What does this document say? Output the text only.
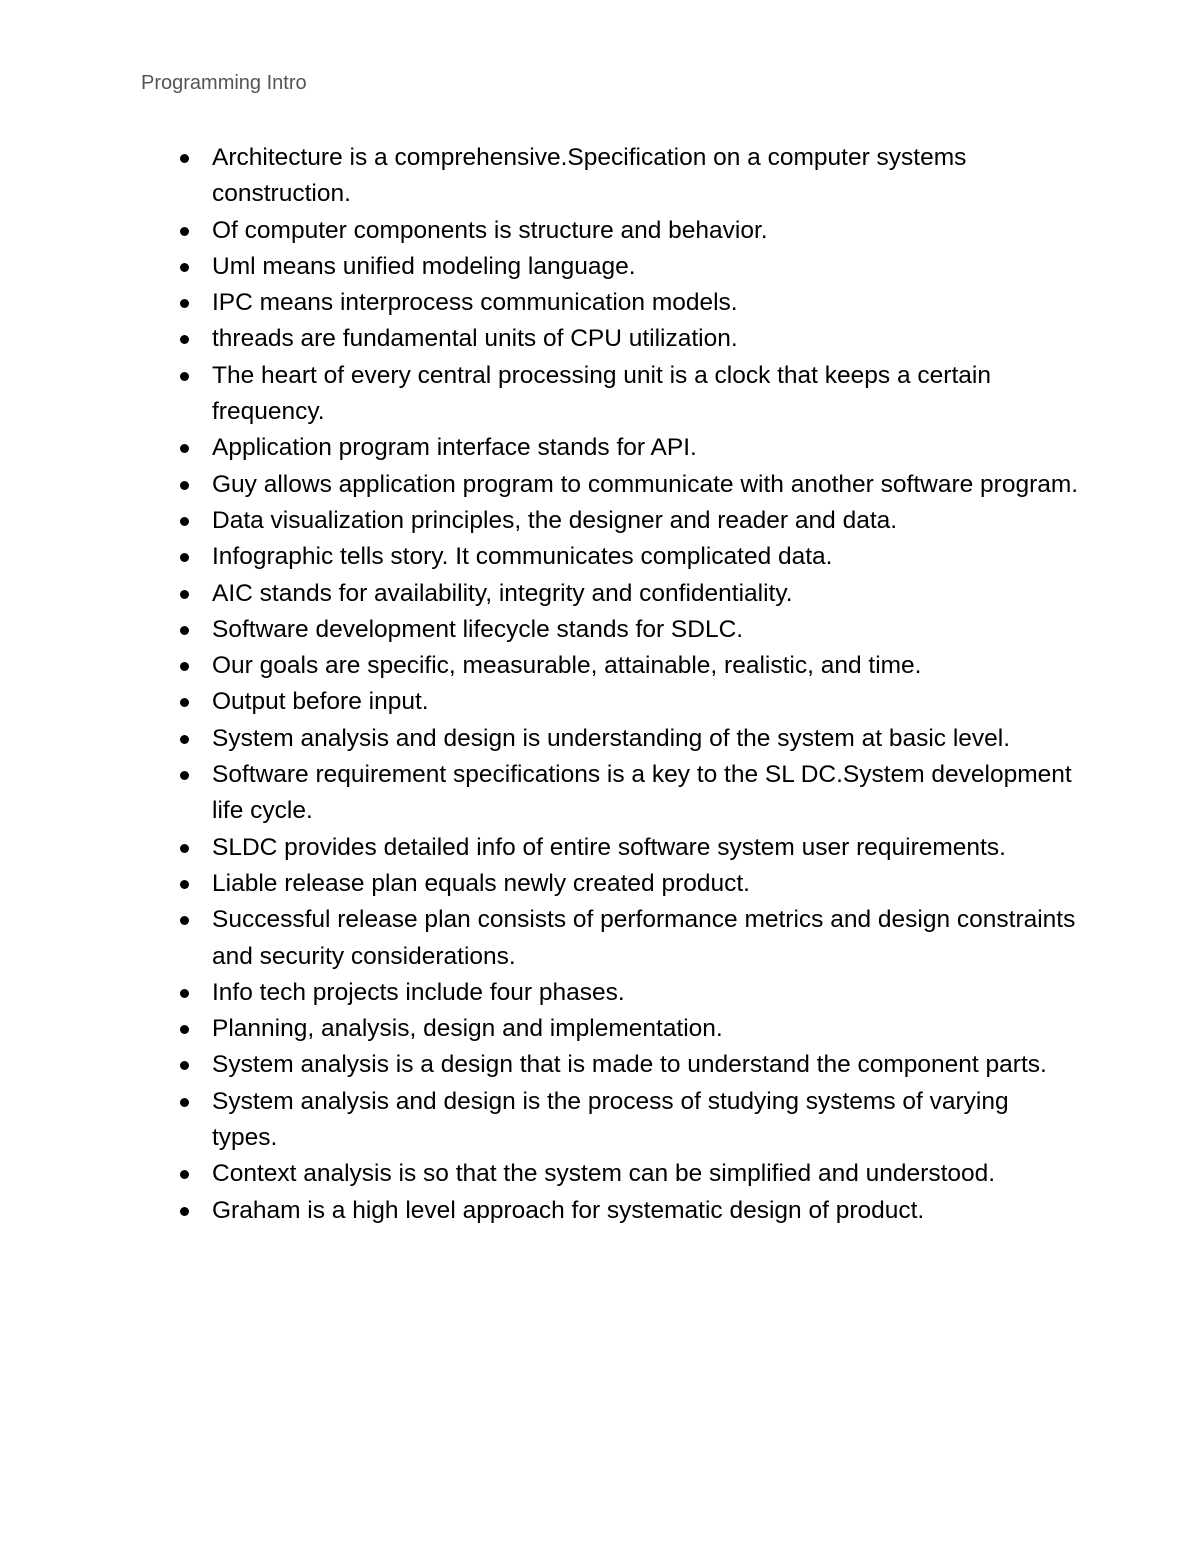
Programming Intro
Architecture is a comprehensive.Specification on a computer systems construction.
Of computer components is structure and behavior.
Uml means unified modeling language.
IPC means interprocess communication models.
threads are fundamental units of CPU utilization.
The heart of every central processing unit is a clock that keeps a certain frequency.
Application program interface stands for API.
Guy allows application program to communicate with another software program.
Data visualization principles, the designer and reader and data.
Infographic tells story. It communicates complicated data.
AIC stands for availability, integrity and confidentiality.
Software development lifecycle stands for SDLC.
Our goals are specific, measurable, attainable, realistic, and time.
Output before input.
System analysis and design is understanding of the system at basic level.
Software requirement specifications is a key to the SL DC.System development life cycle.
SLDC provides detailed info of entire software system user requirements.
Liable release plan equals newly created product.
Successful release plan consists of performance metrics and design constraints and security considerations.
Info tech projects include four phases.
Planning, analysis, design and implementation.
System analysis is a design that is made to understand the component parts.
System analysis and design is the process of studying systems of varying types.
Context analysis is so that the system can be simplified and understood.
Graham is a high level approach for systematic design of product.
